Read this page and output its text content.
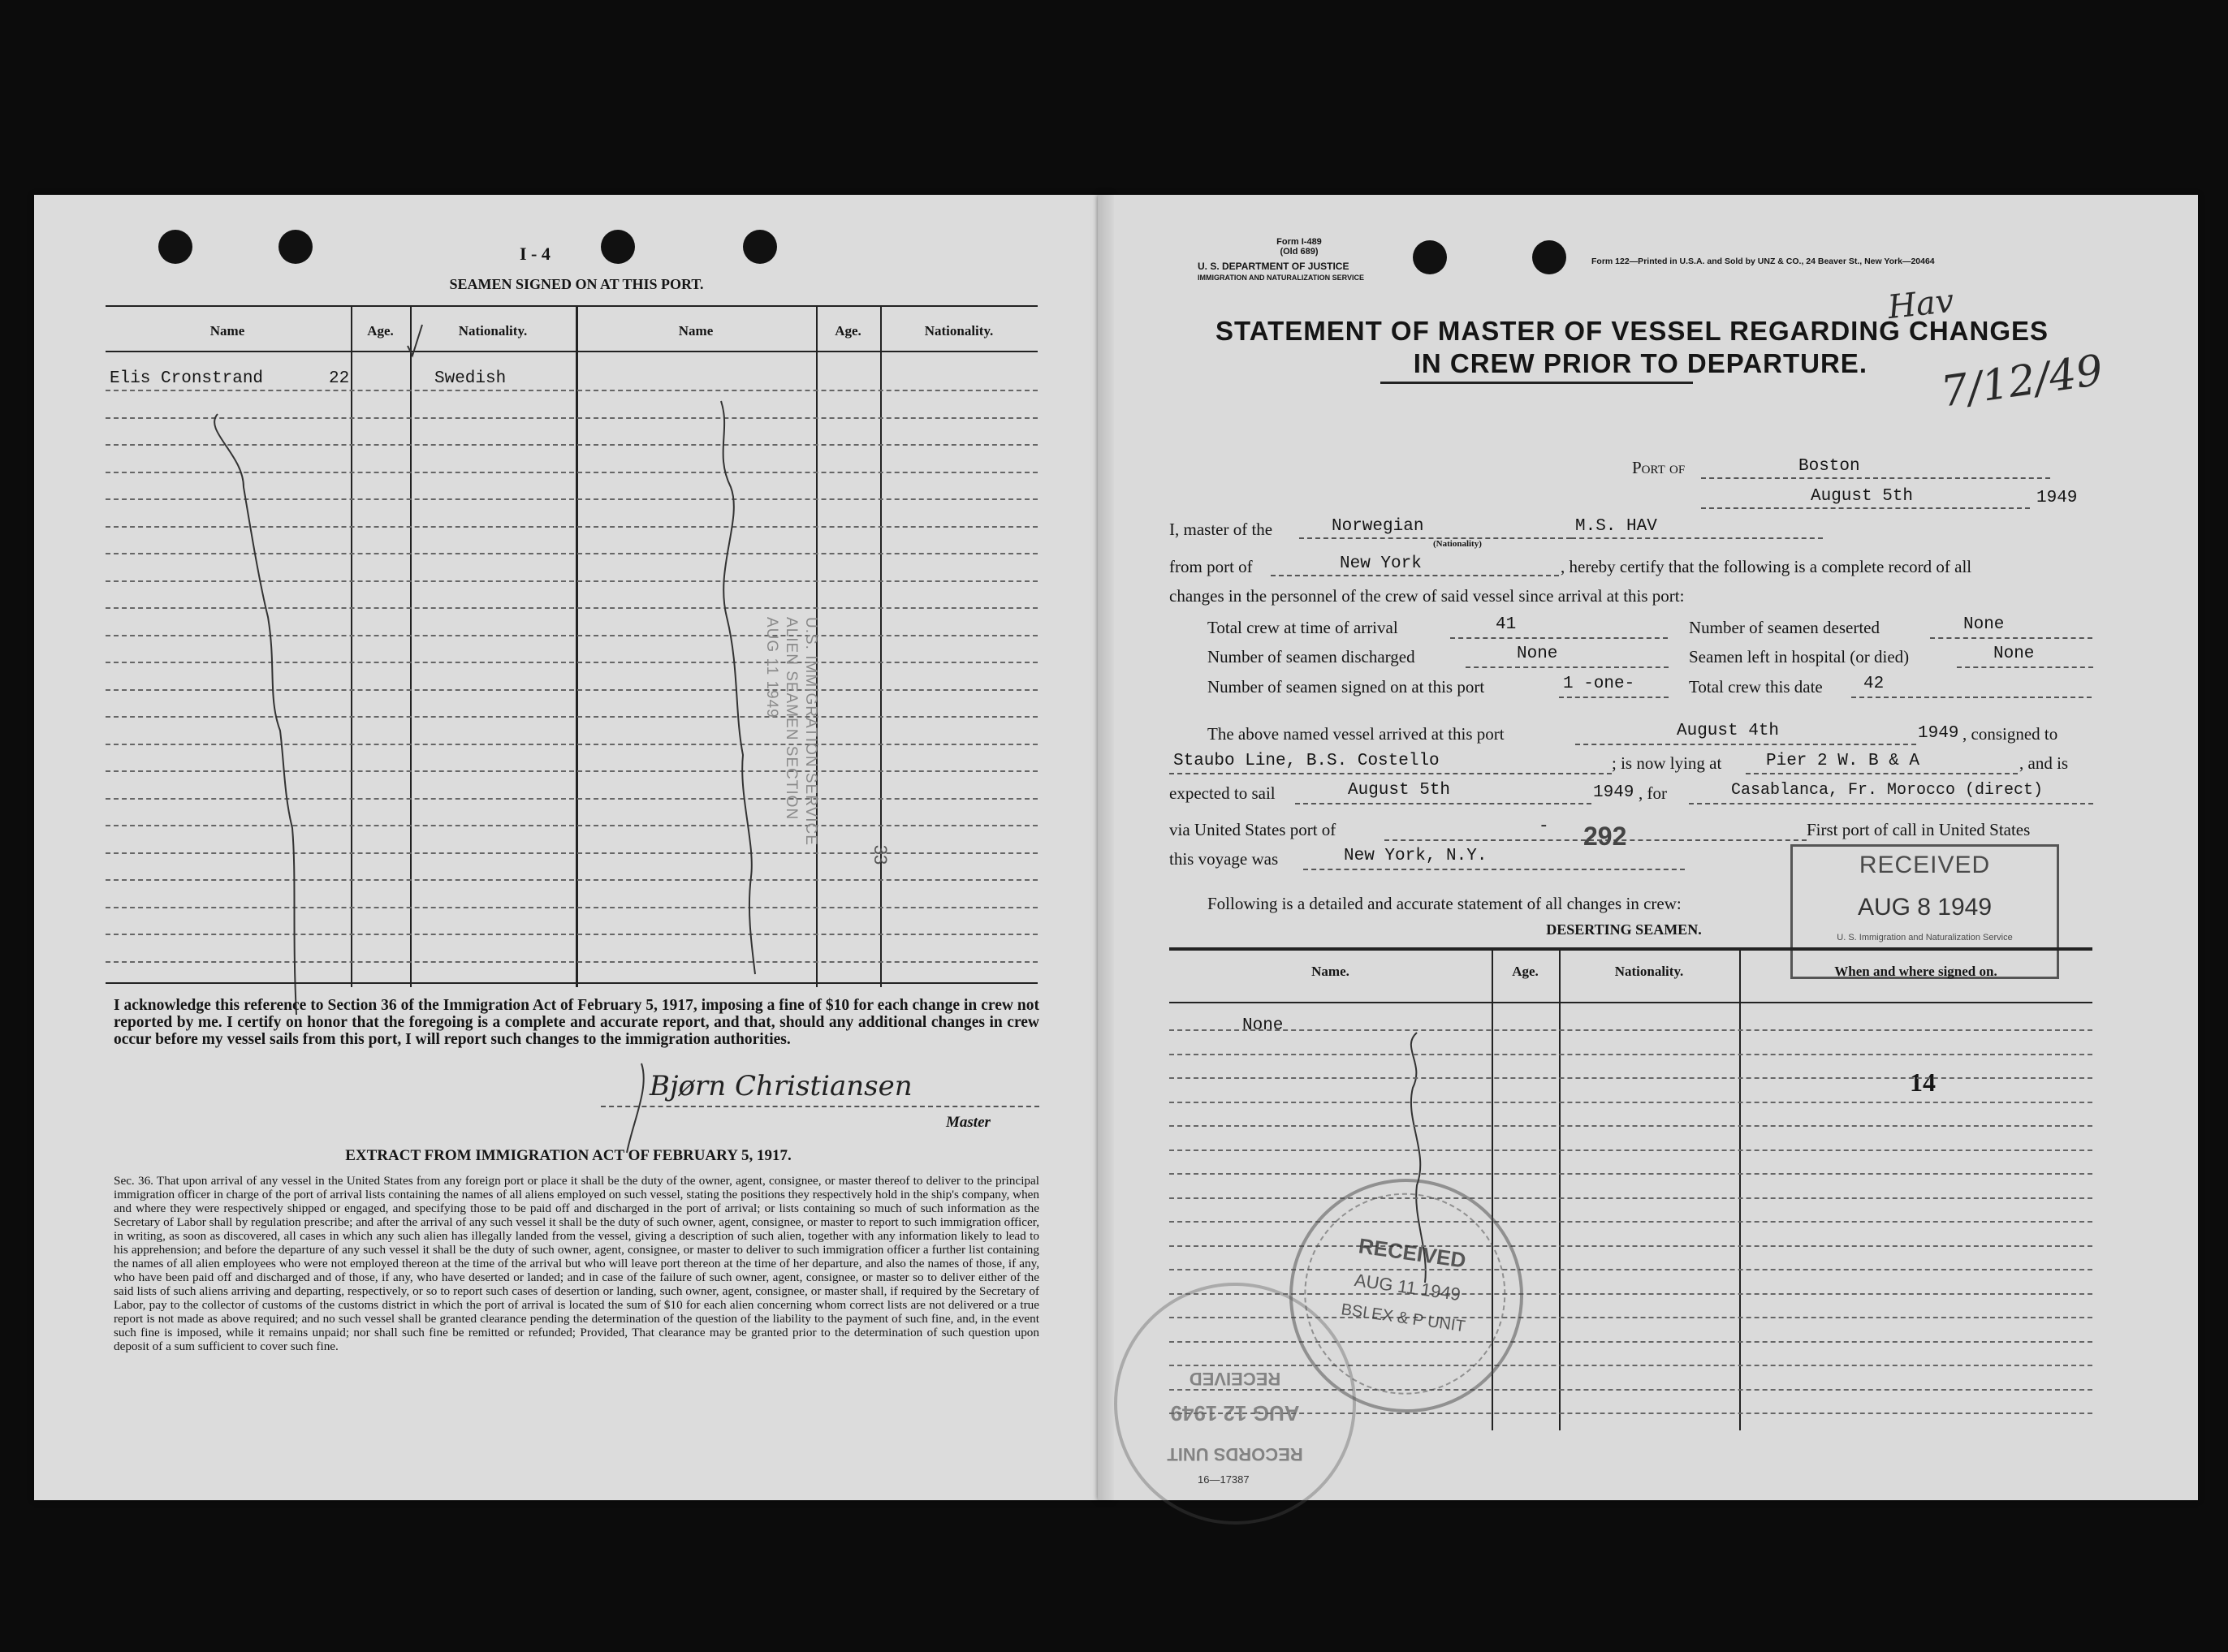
I - 4
SEAMEN SIGNED ON AT THIS PORT.
Name	Age.	Nationality.	Name	Age.	Nationality.
Elis Cronstrand	22	Swedish
U.S. IMMIGRATION SERVICE
ALIEN SEAMEN SECTION
AUG 11 1949
33
I acknowledge this reference to Section 36 of the Immigration Act of February 5, 1917, imposing a fine of $10 for each change in crew not reported by me. I certify on honor that the foregoing is a complete and accurate report, and that, should any additional changes in crew occur before my vessel sails from this port, I will report such changes to the immigration authorities.
Bjørn Christiansen
Master
EXTRACT FROM IMMIGRATION ACT OF FEBRUARY 5, 1917.
Sec. 36. That upon arrival of any vessel in the United States from any foreign port or place it shall be the duty of the owner, agent, consignee, or master thereof to deliver to the principal immigration officer in charge of the port of arrival lists containing the names of all aliens employed on such vessel, stating the positions they respectively hold in the ship's company, when and where they were respectively shipped or engaged, and specifying those to be paid off and discharged in the port of arrival; or lists containing so much of such information as the Secretary of Labor shall by regulation prescribe; and after the arrival of any such vessel it shall be the duty of such owner, agent, consignee, or master to report to such immigration officer, in writing, as soon as discovered, all cases in which any such alien has illegally landed from the vessel, giving a description of such alien, together with any information likely to lead to his apprehension; and before the departure of any such vessel it shall be the duty of such owner, agent, consignee, or master to deliver to such immigration officer a further list containing the names of all alien employees who were not employed thereon at the time of the arrival but who will leave port thereon at the time of her departure, and also the names of those, if any, who have been paid off and discharged and of those, if any, who have deserted or landed; and in case of the failure of such owner, agent, consignee, or master so to deliver either of the said lists of such aliens arriving and departing, respectively, or so to report such cases of desertion or landing, such owner, agent, consignee, or master shall, if required by the Secretary of Labor, pay to the collector of customs of the customs district in which the port of arrival is located the sum of $10 for each alien concerning whom correct lists are not delivered or a true report is not made as above required; and no such vessel shall be granted clearance pending the determination of the question of the liability to the payment of such fine, and, in the event such fine is imposed, while it remains unpaid; nor shall such fine be remitted or refunded; Provided, That clearance may be granted prior to the determination of such question upon deposit of a sum sufficient to cover such fine.
RECORDS UNIT
AUG 12 1949
RECEIVED
16—17387
Form I-489
(Old 689)
U. S. DEPARTMENT OF JUSTICE
IMMIGRATION AND NATURALIZATION SERVICE
Form 122—Printed in U.S.A. and Sold by UNZ & CO., 24 Beaver St., New York—20464
STATEMENT OF MASTER OF VESSEL REGARDING CHANGES
IN CREW PRIOR TO DEPARTURE.
Hav
7/12/49
Port of	Boston
August 5th	1949
I, master of the	Norwegian
(Nationality)
M.S. HAV
from port of	New York	, hereby certify that the following is a complete record of all
changes in the personnel of the crew of said vessel since arrival at this port:
Total crew at time of arrival	41	Number of seamen deserted	None
Number of seamen discharged	None	Seamen left in hospital (or died)	None
Number of seamen signed on at this port	1 -one-	Total crew this date 42
The above named vessel arrived at this port	August 4th	1949 , consigned to
Staubo Line, B.S. Costello	; is now lying at	Pier 2 W. B & A	, and is
expected to sail	August 5th	1949 , for	Casablanca, Fr. Morocco (direct)
via United States port of	- 292	First port of call in United States
this voyage was	New York, N.Y.	RECEIVED
AUG 8 1949
U. S. Immigration and Naturalization Service
Following is a detailed and accurate statement of all changes in crew:
DESERTING SEAMEN.
Name.	Age.	Nationality.	When and where signed on.
None
14
RECEIVED
AUG 11 1949
BSI EX & P UNIT
